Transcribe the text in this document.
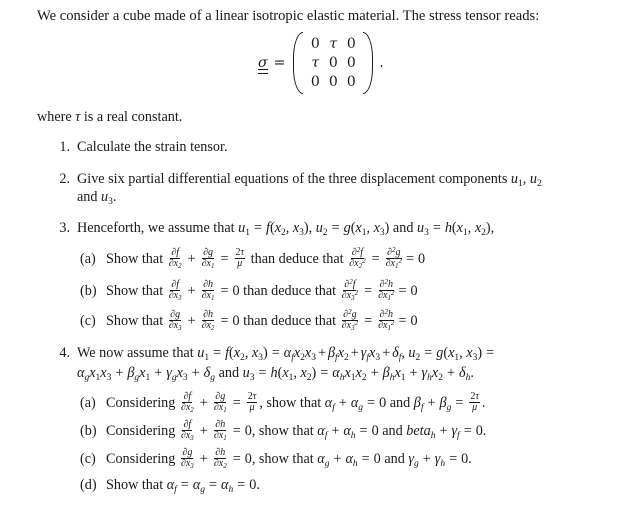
We consider a cube made of a linear isotropic elastic material. The stress tensor reads:
σ =
0 τ 0
τ 0 0
0 0 0
.
where τ is a real constant.
1. Calculate the strain tensor.
2. Give six partial differential equations of the three displacement components $u_1$, $u_2$
and $u_3$.
3. Henceforth, we assume that $u_1 = f(x_2$, $x_3$), $u_2 = g(x_1$, $x_3$) and $u_3 = h(x_1$, $x_2$),
(a) Show that $\frac{\partial f}{\partial x_2} + \frac{\partial g}{\partial x_1} = \frac{2\tau}{\mu}$ than deduce that $\frac{\partial^2f}{\partial x_2^2} = \frac{\partial^2g}{\partial x_1^2} = 0$
(b) Show that $\frac{\partial f}{\partial x_3} + \frac{\partial h}{\partial x_1} = 0$ than deduce that $\frac{\partial^2f}{\partial x_3^2} = \frac{\partial^2h}{\partial x_1^2} = 0$
(c) Show that $\frac{\partial g}{\partial x_3} + \frac{\partial h}{\partial x_2} = 0$ than deduce that $\frac{\partial^2g}{\partial x_3^2} = \frac{\partial^2h}{\partial x_1^2} = 0$
4. We now assume that $u_1 = f(x_2$, $x_3) = \alpha_fx_2x_3 + \beta_fx_2 + \gamma_fx_3 + \delta_f$, $u_2 = g(x_1$, $x_3$) =
$\alpha_gx_1x_3 + \beta_gx_1 + \gamma_gx_3 + \delta_g$ and $u_3 = h(x_1$, $x_2) = \alpha_hx_1x_2 + \beta_hx_1 + \gamma_hx_2 + \delta_h$.
(a) Considering $\frac{\partial f}{\partial x_2} + \frac{\partial g}{\partial x_1} = \frac{2\tau}{\mu}$ , show that $\alpha_f + \alpha_g = 0$ and $\beta_f + \beta_g = \frac{2\tau}{\mu}$ .
(b) Considering $\frac{\partial f}{\partial x_3} + \frac{\partial h}{\partial x_1} = 0$, show that $\alpha_f + \alpha_h = 0$ and beta$_h$ + $\gamma_f = 0$.
(c) Considering $\frac{\partial g}{\partial x_3} + \frac{\partial h}{\partial x_2} = 0$, show that $\alpha_g + \alpha_h = 0$ and $\gamma_g + \gamma_h = 0$.
(d) Show that $\alpha_f = \alpha_g = \alpha_h = 0$.
